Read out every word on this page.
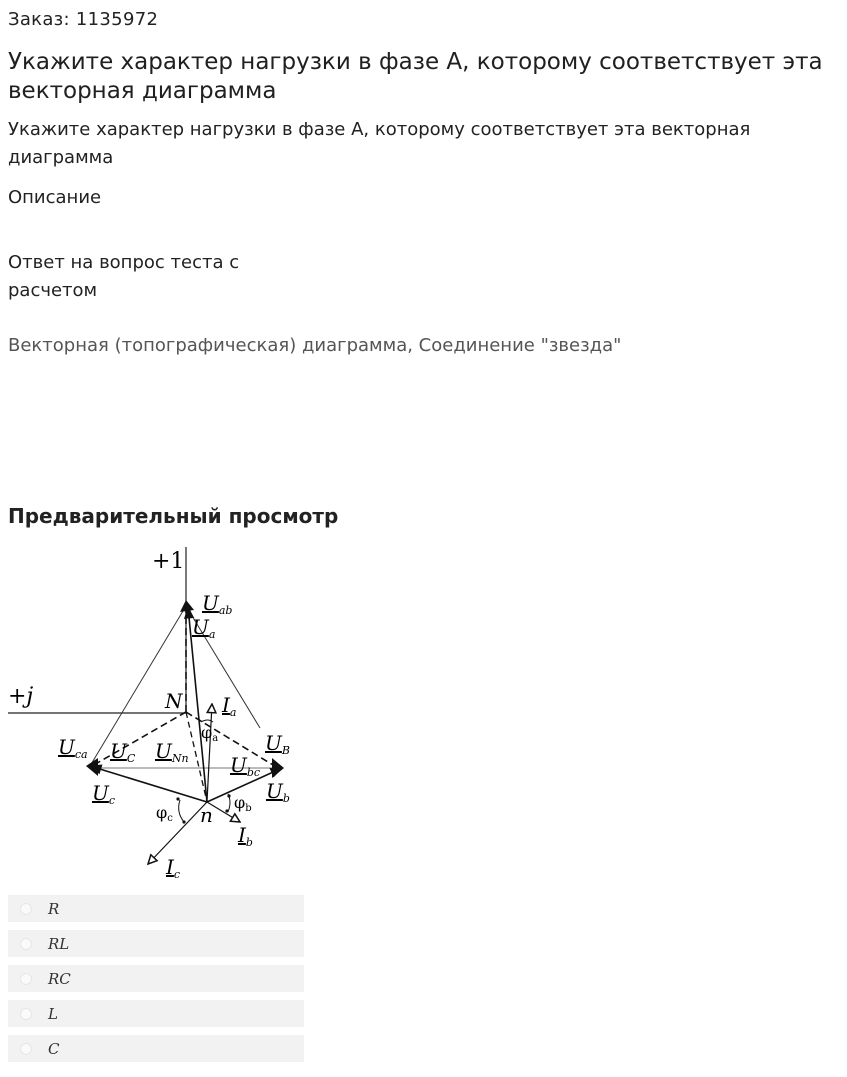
Заказ: 1135972
Укажите характер нагрузки в фазе А, которому соответствует эта векторная диаграмма
Укажите характер нагрузки в фазе А, которому соответствует эта векторная диаграмма
Описание
Ответ на вопрос теста с расчетом
Векторная (топографическая) диаграмма, Соединение "звезда"
Предварительный просмотр
+1
+j	N
n
$U_{ab}$
$U_a$
$I_a$
φa $U_B$
$U_{ca}$ $U_C$ $U_{Nn}$ $U_{bc}$
$U_b$
$U_c$
φc
φb
$I_b$
$I_c$
R
RL
RC
L
C
